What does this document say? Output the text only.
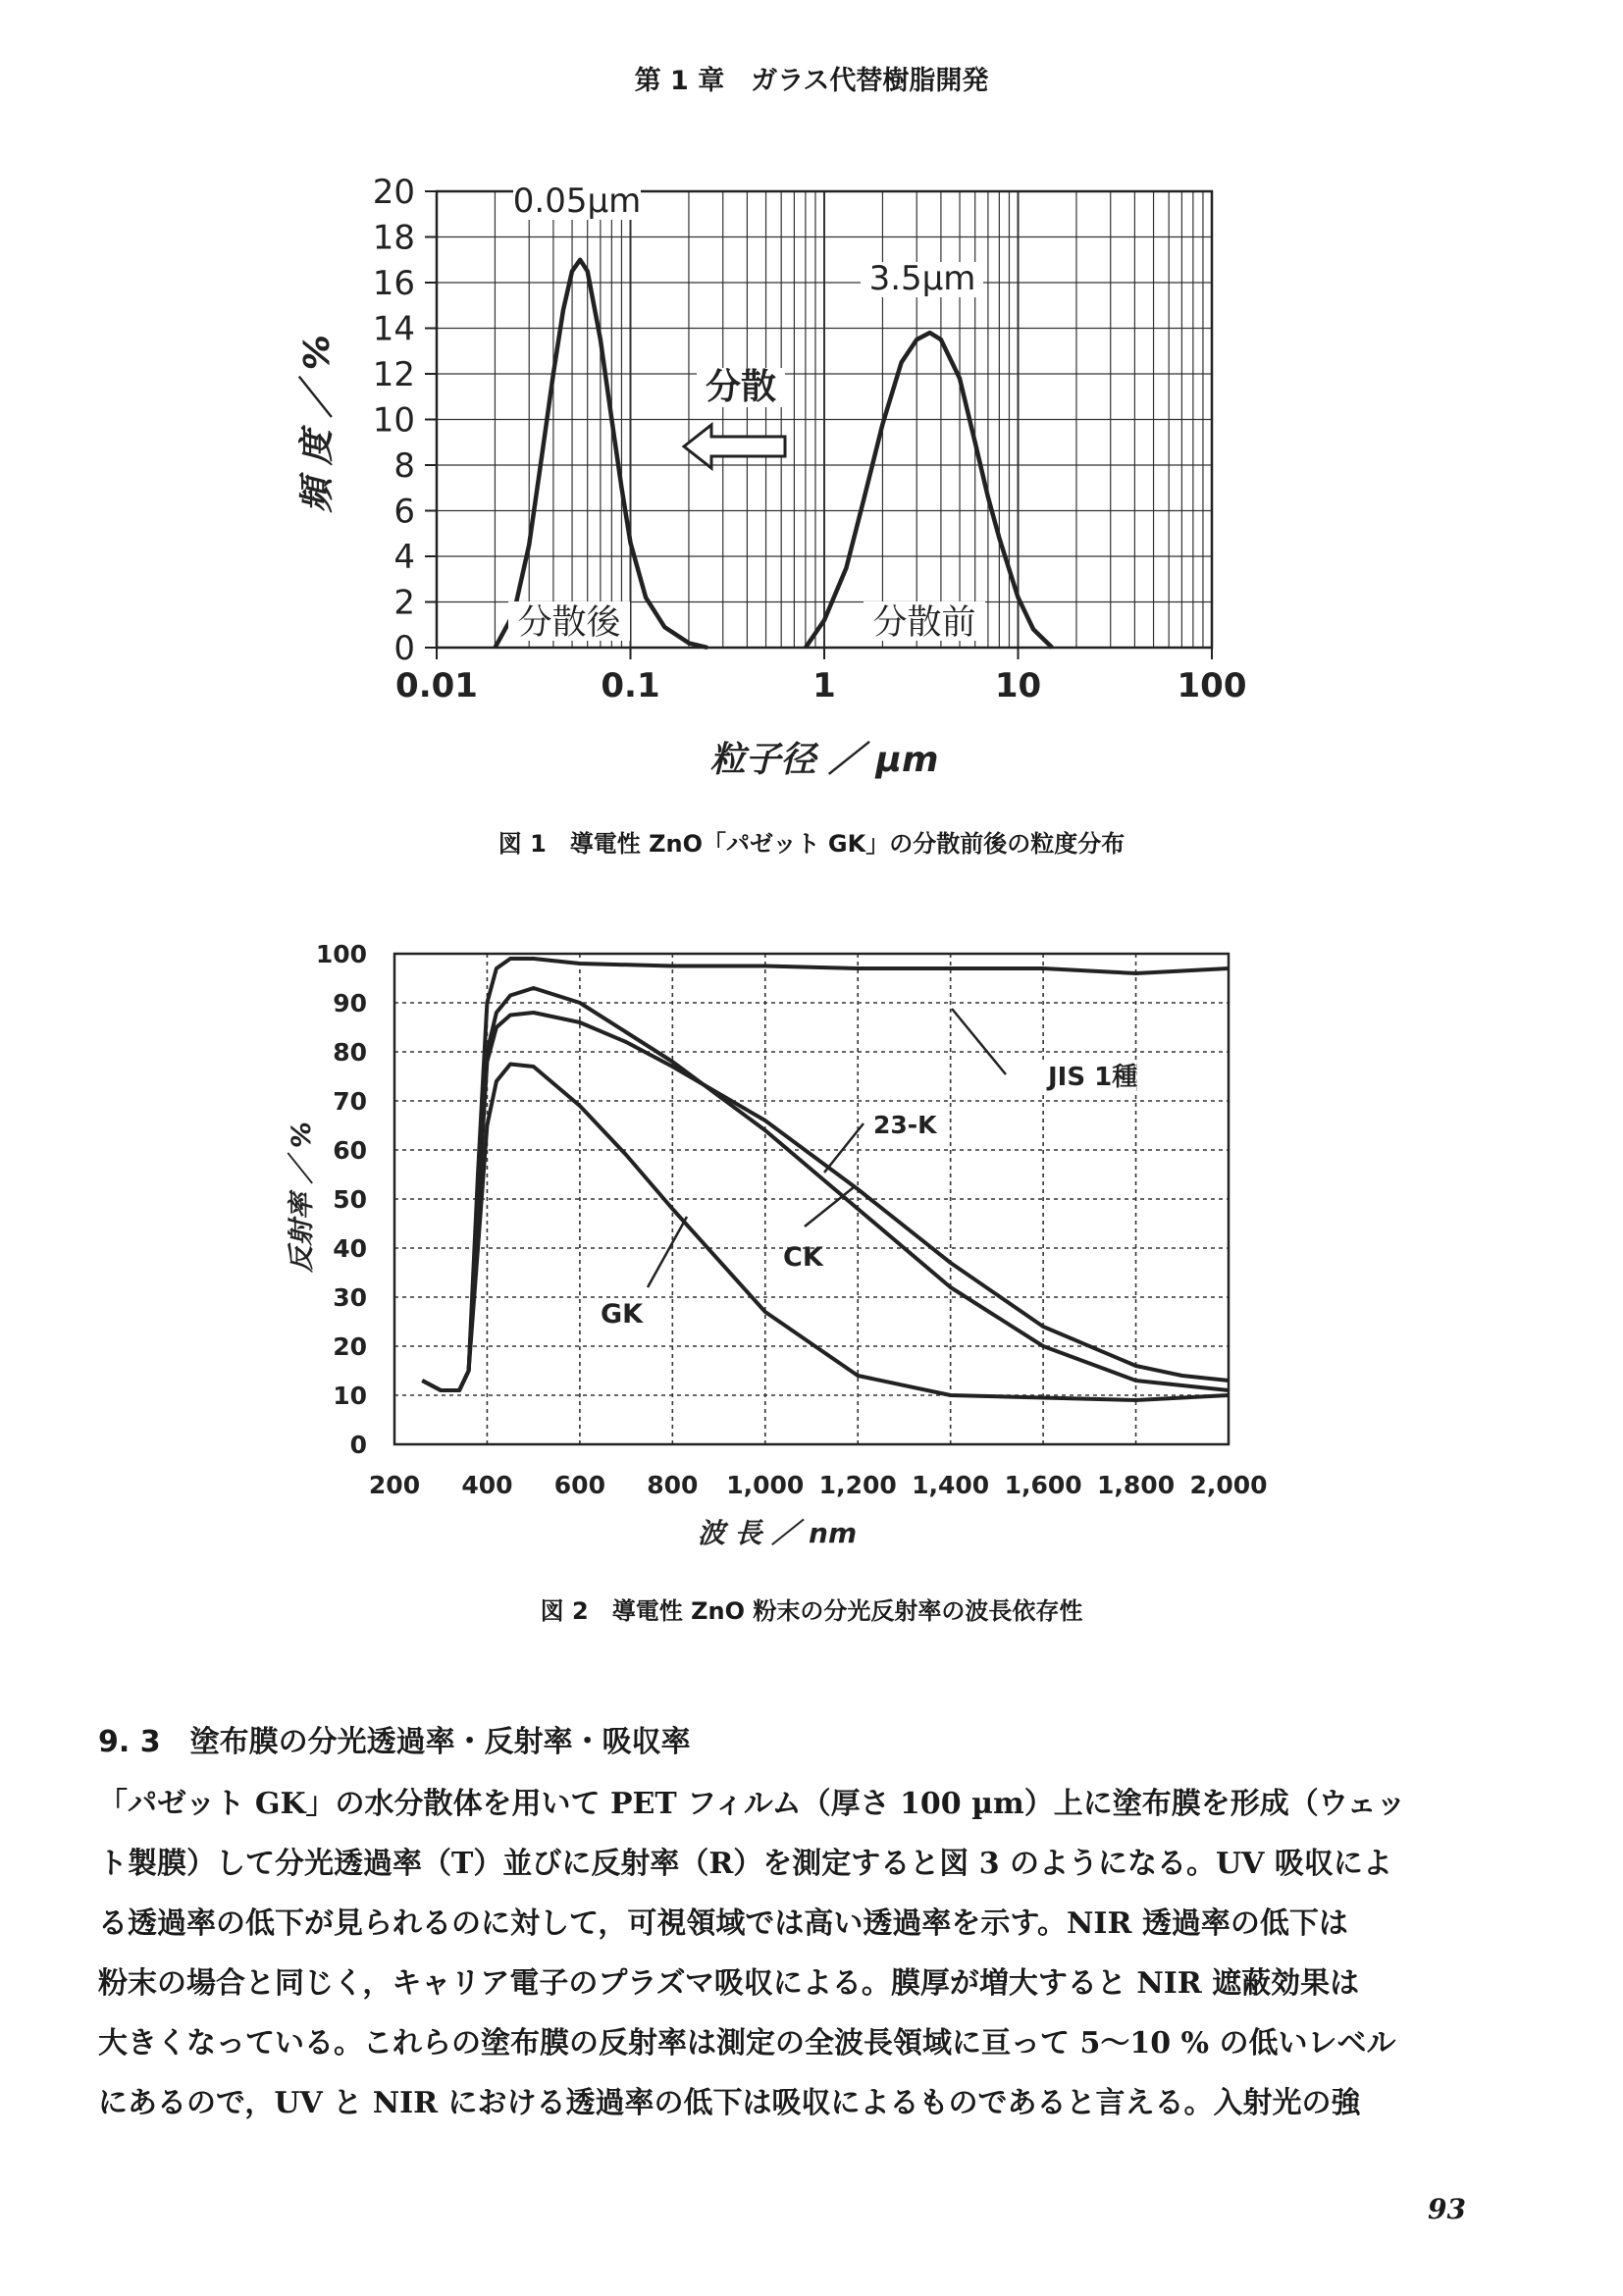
第 1 章　ガラス代替樹脂開発
0
2
4
6
8
10
12
14
16
18
20
0.01	0.1	1	10	100
0.05µm
3.5µm
分散
分散後	分散前
粒子径 ／ µm
頻 度 ／ %
図 1　導電性 ZnO「パゼット GK」の分散前後の粒度分布
0
10
20
30
40
50
60
70
80
90
100
200 400 600 800 1,000 1,200 1,400 1,600 1,800 2,000
JIS 1種
23-K
CK
GK
波 長 ／ nm
反射率 ／ %
図 2　導電性 ZnO 粉末の分光反射率の波長依存性
9. 3　塗布膜の分光透過率・反射率・吸収率

「パゼット GK」の水分散体を用いて PET フィルム（厚さ 100 µm）上に塗布膜を形成（ウェッ

ト製膜）して分光透過率（T）並びに反射率（R）を測定すると図 3 のようになる。UV 吸収によ

る透過率の低下が見られるのに対して，可視領域では高い透過率を示す。NIR 透過率の低下は

粉末の場合と同じく，キャリア電子のプラズマ吸収による。膜厚が増大すると NIR 遮蔽効果は

大きくなっている。これらの塗布膜の反射率は測定の全波長領域に亘って 5〜10 % の低いレベル

にあるので，UV と NIR における透過率の低下は吸収によるものであると言える。入射光の強

93
